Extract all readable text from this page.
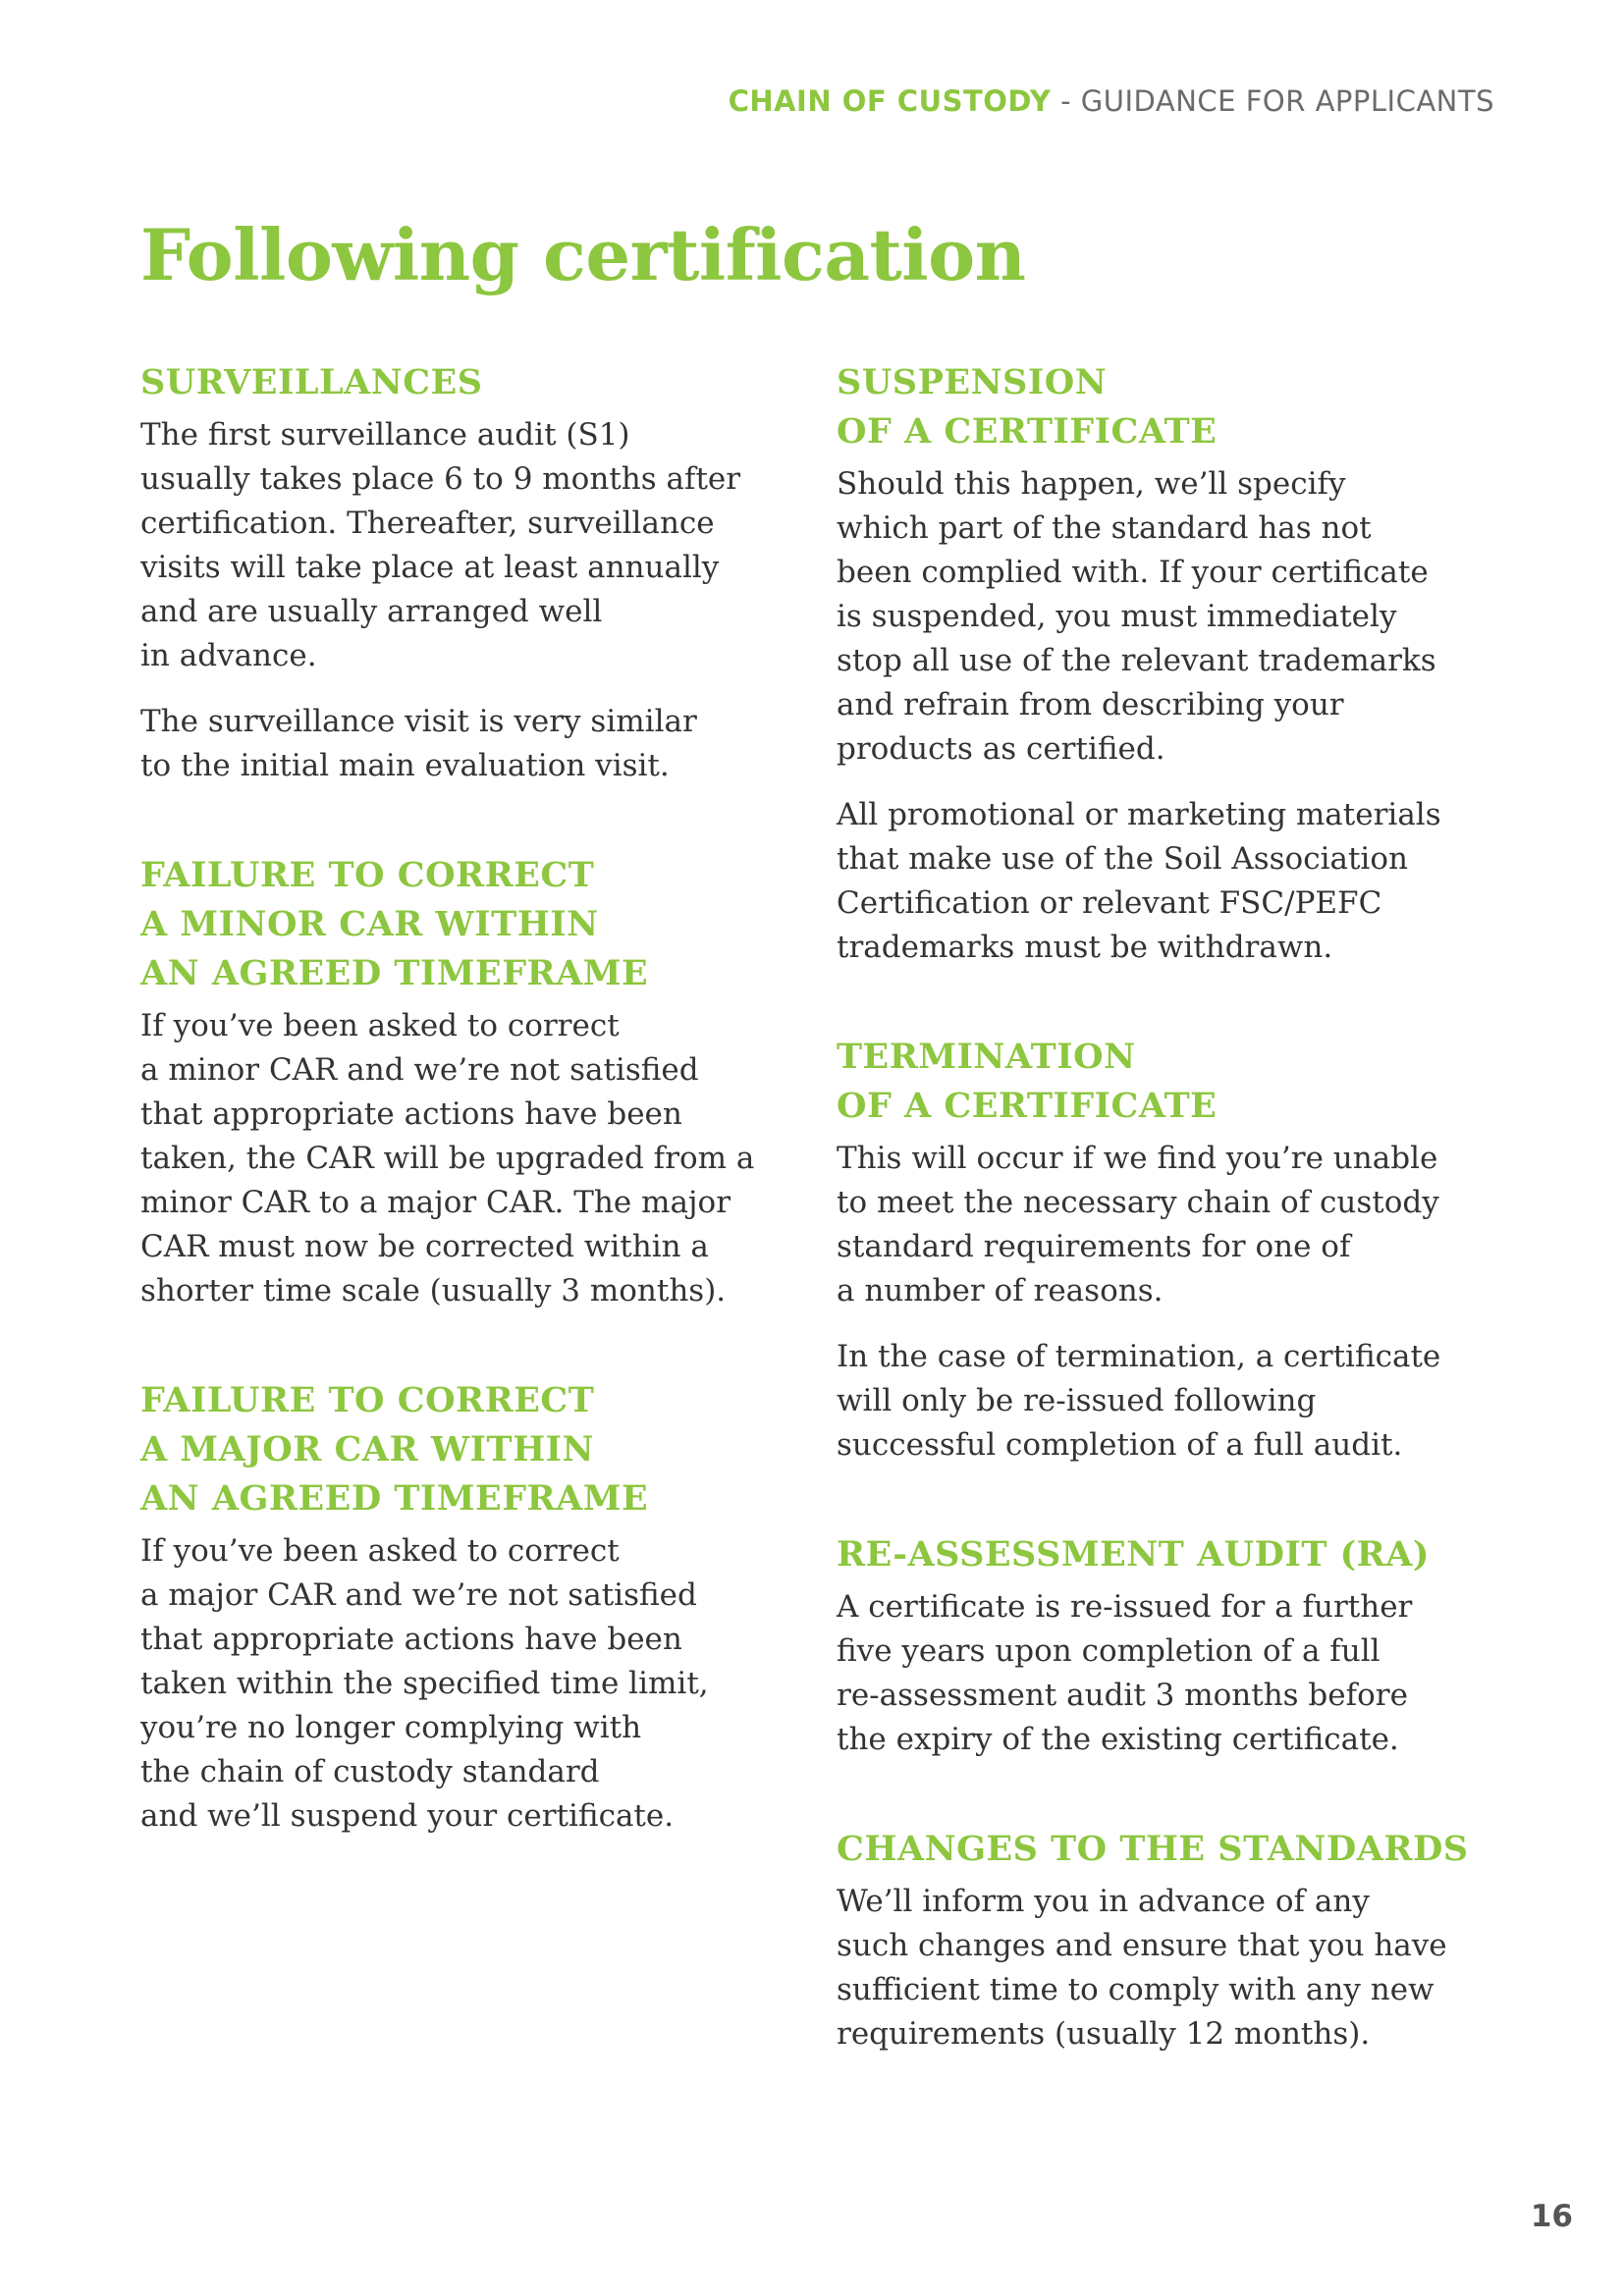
CHAIN OF CUSTODY - GUIDANCE FOR APPLICANTS
Following certification
SURVEILLANCES

The first surveillance audit (S1)
usually takes place 6 to 9 months after
certification. Thereafter, surveillance
visits will take place at least annually
and are usually arranged well
in advance.

The surveillance visit is very similar
to the initial main evaluation visit.

FAILURE TO CORRECT
A MINOR CAR WITHIN
AN AGREED TIMEFRAME

If you’ve been asked to correct
a minor CAR and we’re not satisfied
that appropriate actions have been
taken, the CAR will be upgraded from a
minor CAR to a major CAR. The major
CAR must now be corrected within a
shorter time scale (usually 3 months).

FAILURE TO CORRECT
A MAJOR CAR WITHIN
AN AGREED TIMEFRAME

If you’ve been asked to correct
a major CAR and we’re not satisfied
that appropriate actions have been
taken within the specified time limit,
you’re no longer complying with
the chain of custody standard
and we’ll suspend your certificate.

SUSPENSION
OF A CERTIFICATE

Should this happen, we’ll specify
which part of the standard has not
been complied with. If your certificate
is suspended, you must immediately
stop all use of the relevant trademarks
and refrain from describing your
products as certified.

All promotional or marketing materials
that make use of the Soil Association
Certification or relevant FSC/PEFC
trademarks must be withdrawn.

TERMINATION
OF A CERTIFICATE

This will occur if we find you’re unable
to meet the necessary chain of custody
standard requirements for one of
a number of reasons.

In the case of termination, a certificate
will only be re-issued following
successful completion of a full audit.

RE-ASSESSMENT AUDIT (RA)

A certificate is re-issued for a further
five years upon completion of a full
re-assessment audit 3 months before
the expiry of the existing certificate.

CHANGES TO THE STANDARDS

We’ll inform you in advance of any
such changes and ensure that you have
sufficient time to comply with any new
requirements (usually 12 months).

16
